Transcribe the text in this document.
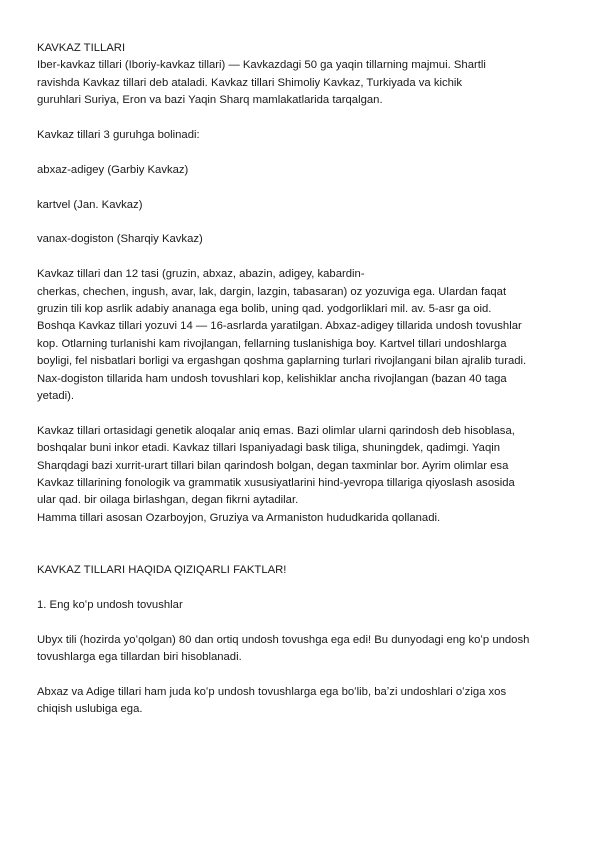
KAVKAZ TILLARI

Iber-kavkaz tillari (Iboriy-kavkaz tillari) — Kavkazdagi 50 ga yaqin tillarning majmui. Shartli
ravishda Kavkaz tillari deb ataladi. Kavkaz tillari Shimoliy Kavkaz, Turkiyada va kichik
guruhlari Suriya, Eron va bazi Yaqin Sharq mamlakatlarida tarqalgan.

Kavkaz tillari 3 guruhga bolinadi:

abxaz-adigey (Garbiy Kavkaz)

kartvel (Jan. Kavkaz)

vanax-dogiston (Sharqiy Kavkaz)

Kavkaz tillari dan 12 tasi (gruzin, abxaz, abazin, adigey, kabardin-
cherkas, chechen, ingush, avar, lak, dargin, lazgin, tabasaran) oz yozuviga ega. Ulardan faqat
gruzin tili kop asrlik adabiy ananaga ega bolib, uning qad. yodgorliklari mil. av. 5-asr ga oid.
Boshqa Kavkaz tillari yozuvi 14 — 16-asrlarda yaratilgan. Abxaz-adigey tillarida undosh tovushlar
kop. Otlarning turlanishi kam rivojlangan, fellarning tuslanishiga boy. Kartvel tillari undoshlarga
boyligi, fel nisbatlari borligi va ergashgan qoshma gaplarning turlari rivojlangani bilan ajralib turadi.
Nax-dogiston tillarida ham undosh tovushlari kop, kelishiklar ancha rivojlangan (bazan 40 taga
yetadi).

Kavkaz tillari ortasidagi genetik aloqalar aniq emas. Bazi olimlar ularni qarindosh deb hisoblasa,
boshqalar buni inkor etadi. Kavkaz tillari Ispaniyadagi bask tiliga, shuningdek, qadimgi. Yaqin
Sharqdagi bazi xurrit-urart tillari bilan qarindosh bolgan, degan taxminlar bor. Ayrim olimlar esa
Kavkaz tillarining fonologik va grammatik xususiyatlarini hind-yevropa tillariga qiyoslash asosida
ular qad. bir oilaga birlashgan, degan fikrni aytadilar.
Hamma tillari asosan Ozarboyjon, Gruziya va Armaniston hududkarida qollanadi.

KAVKAZ TILLARI HAQIDA QIZIQARLI FAKTLAR!

1. Eng koʻp undosh tovushlar

Ubyx tili (hozirda yoʻqolgan) 80 dan ortiq undosh tovushga ega edi! Bu dunyodagi eng koʻp undosh
tovushlarga ega tillardan biri hisoblanadi.

Abxaz va Adige tillari ham juda koʻp undosh tovushlarga ega boʻlib, baʼzi undoshlari oʻziga xos
chiqish uslubiga ega.
